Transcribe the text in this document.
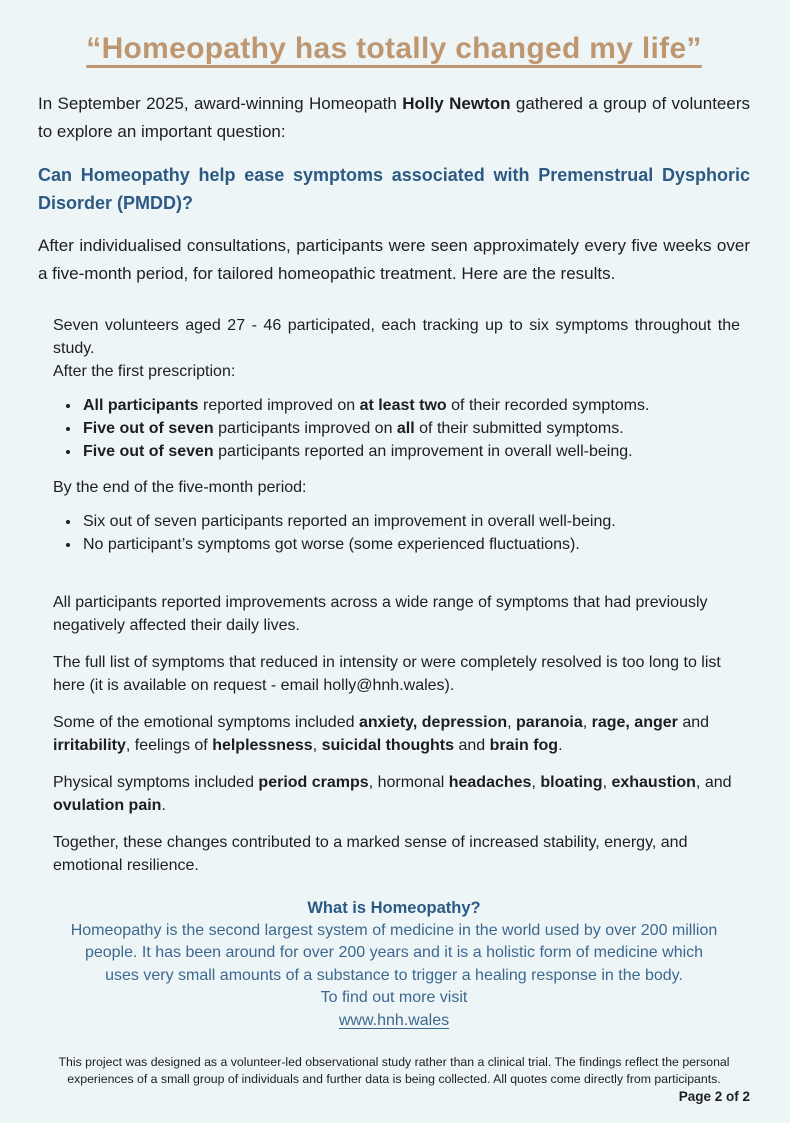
“Homeopathy has totally changed my life”

In September 2025, award-winning Homeopath Holly Newton gathered a group of volunteers to explore an important question:

Can Homeopathy help ease symptoms associated with Premenstrual Dysphoric Disorder (PMDD)?

After individualised consultations, participants were seen approximately every five weeks over a five-month period, for tailored homeopathic treatment. Here are the results.

Seven volunteers aged 27 - 46 participated, each tracking up to six symptoms throughout the study.

After the first prescription:

• All participants reported improved on at least two of their recorded symptoms.
• Five out of seven participants improved on all of their submitted symptoms.
• Five out of seven participants reported an improvement in overall well-being.

By the end of the five-month period:

• Six out of seven participants reported an improvement in overall well-being.
• No participant’s symptoms got worse (some experienced fluctuations).

All participants reported improvements across a wide range of symptoms that had previously negatively affected their daily lives.

The full list of symptoms that reduced in intensity or were completely resolved is too long to list here (it is available on request - email holly@hnh.wales).

Some of the emotional symptoms included anxiety, depression, paranoia, rage, anger and irritability, feelings of helplessness, suicidal thoughts and brain fog.

Physical symptoms included period cramps, hormonal headaches, bloating, exhaustion, and
ovulation pain.

Together, these changes contributed to a marked sense of increased stability, energy, and emotional resilience.

What is Homeopathy?

Homeopathy is the second largest system of medicine in the world used by over 200 million

people. It has been around for over 200 years and it is a holistic form of medicine which

uses very small amounts of a substance to trigger a healing response in the body.

To find out more visit

www.hnh.wales

This project was designed as a volunteer-led observational study rather than a clinical trial. The findings reflect the personal experiences of a small group of individuals and further data is being collected. All quotes come directly from participants.
Page 2 of 2
